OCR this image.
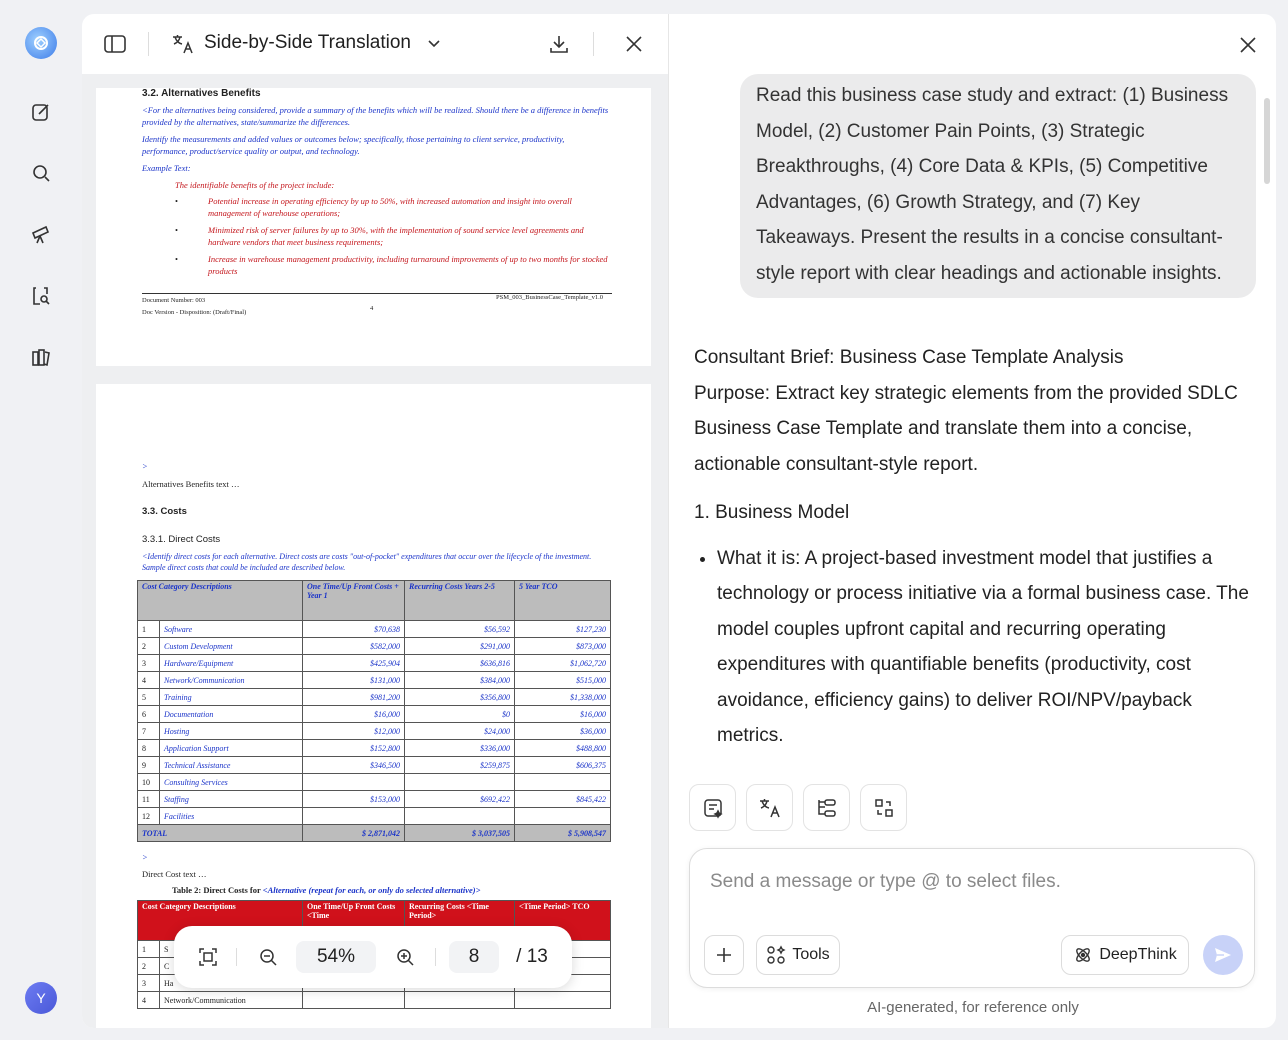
Y
Side-by-Side Translation
3.2. Alternatives Benefits
<For the alternatives being considered, provide a summary of the benefits which will be realized. Should there be a difference in benefits provided by the alternatives, state/summarize the differences.
Identify the measurements and added values or outcomes below; specifically, those pertaining to client service, productivity, performance, product/service quality or output, and technology.
Example Text:
The identifiable benefits of the project include:
•	Potential increase in operating efficiency by up to 50%, with increased automation and insight into overall management of warehouse operations;
•	Minimized risk of server failures by up to 30%, with the implementation of sound service level agreements and hardware vendors that meet business requirements;
•	Increase in warehouse management productivity, including turnaround improvements of up to two months for stocked products
Document Number: 003
Doc Version - Disposition: (Draft/Final)
4
PSM_003_BusinessCase_Template_v1.0
>
Alternatives Benefits text …
3.3. Costs
3.3.1. Direct Costs
<Identify direct costs for each alternative. Direct costs are costs "out-of-pocket" expenditures that occur over the lifecycle of the investment. Sample direct costs that could be included are described below.
Cost Category Descriptions		One Time/Up Front Costs + Year 1	Recurring Costs Years 2-5	5 Year TCO
1	Software	$70,638	$56,592	$127,230
2	Custom Development	$582,000	$291,000	$873,000
3	Hardware/Equipment	$425,904	$636,816	$1,062,720
4	Network/Communication	$131,000	$384,000	$515,000
5	Training	$981,200	$356,800	$1,338,000
6	Documentation	$16,000	$0	$16,000
7	Hosting	$12,000	$24,000	$36,000
8	Application Support	$152,800	$336,000	$488,800
9	Technical Assistance	$346,500	$259,875	$606,375
10	Consulting Services			
11	Staffing	$153,000	$692,422	$845,422
12	Facilities			
TOTAL		$ 2,871,042	$ 3,037,505	$ 5,908,547
>
Direct Cost text …
Table 2: Direct Costs for <Alternative (repeat for each, or only do selected alternative)>
Cost Category Descriptions		One Time/Up Front Costs <Time	Recurring Costs <Time Period>	<Time Period> TCO
1	S			
2	C			
3	Ha			
4	Network/Communication			
54%	8	/ 13
Read this business case study and extract: (1) Business Model, (2) Customer Pain Points, (3) Strategic Breakthroughs, (4) Core Data & KPIs, (5) Competitive Advantages, (6) Growth Strategy, and (7) Key Takeaways. Present the results in a concise consultant-style report with clear headings and actionable insights.

Consultant Brief: Business Case Template Analysis

Purpose: Extract key strategic elements from the provided SDLC Business Case Template and translate them into a concise, actionable consultant-style report.

1. Business Model

• What it is: A project-based investment model that justifies a technology or process initiative via a formal business case. The model couples upfront capital and recurring operating expenditures with quantifiable benefits (productivity, cost avoidance, efficiency gains) to deliver ROI/NPV/payback metrics.
Send a message or type @ to select files.
Tools	DeepThink
AI-generated, for reference only
